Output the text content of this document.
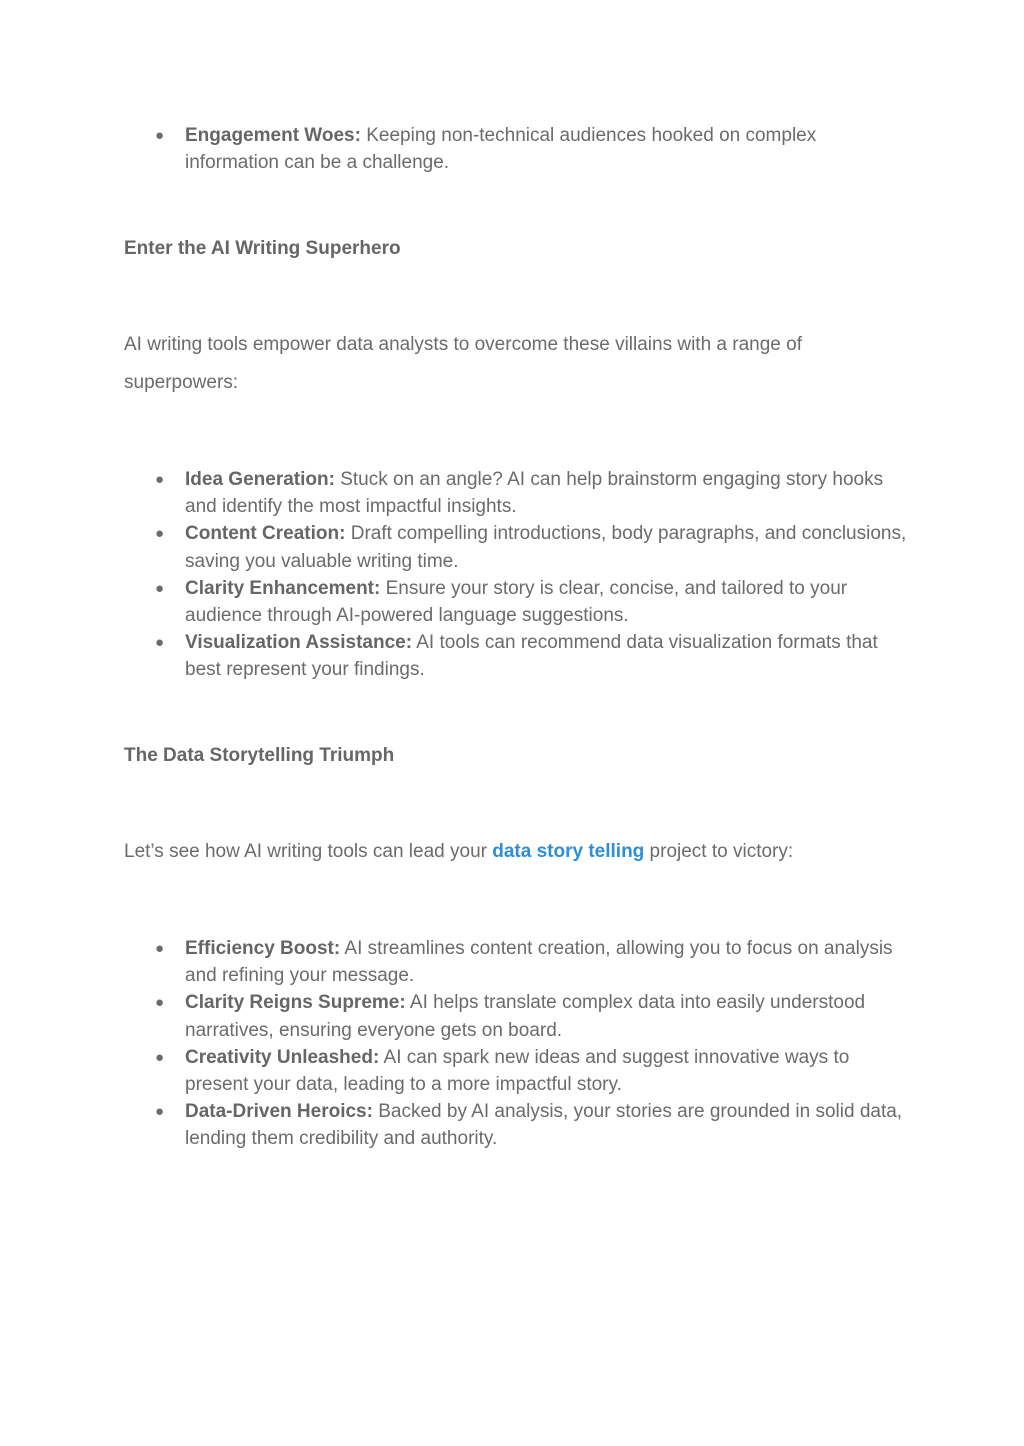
● Engagement Woes: Keeping non-technical audiences hooked on complex information can be a challenge.
Enter the AI Writing Superhero

AI writing tools empower data analysts to overcome these villains with a range of superpowers:

● Idea Generation: Stuck on an angle? AI can help brainstorm engaging story hooks and identify the most impactful insights.
● Content Creation: Draft compelling introductions, body paragraphs, and conclusions, saving you valuable writing time.
● Clarity Enhancement: Ensure your story is clear, concise, and tailored to your audience through AI-powered language suggestions.
● Visualization Assistance: AI tools can recommend data visualization formats that best represent your findings.
The Data Storytelling Triumph

Let’s see how AI writing tools can lead your data story telling project to victory:

● Efficiency Boost: AI streamlines content creation, allowing you to focus on analysis and refining your message.
● Clarity Reigns Supreme: AI helps translate complex data into easily understood narratives, ensuring everyone gets on board.
● Creativity Unleashed: AI can spark new ideas and suggest innovative ways to present your data, leading to a more impactful story.
● Data-Driven Heroics: Backed by AI analysis, your stories are grounded in solid data, lending them credibility and authority.
